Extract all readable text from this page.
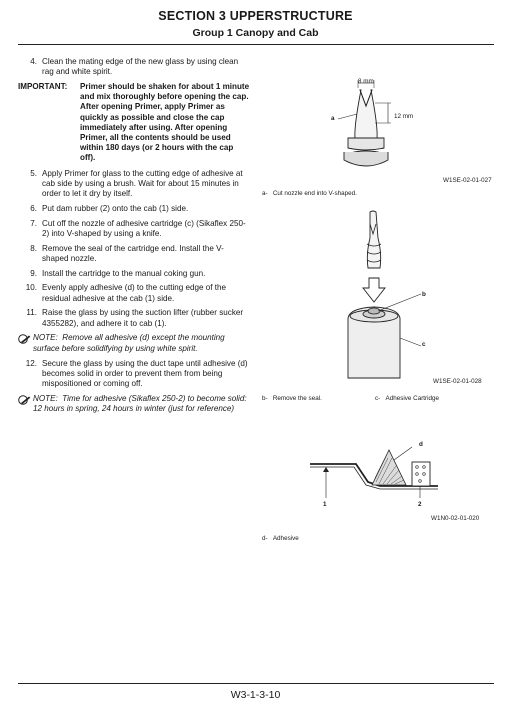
SECTION 3 UPPERSTRUCTURE
Group 1 Canopy and Cab
4. Clean the mating edge of the new glass by using clean rag and white spirit.
IMPORTANT:	Primer should be shaken for about 1 minute and mix thoroughly before opening the cap. After opening Primer, apply Primer as quickly as possible and close the cap immediately after using. After opening Primer, all the contents should be used within 180 days (or 2 hours with the cap off).
5. Apply Primer for glass to the cutting edge of adhesive at cab side by using a brush. Wait for about 15 minutes in order to let it dry by itself.
6. Put dam rubber (2) onto the cab (1) side.
7. Cut off the nozzle of adhesive cartridge (c) (Sikaflex 250-2) into V-shaped by using a knife.
8. Remove the seal of the cartridge end. Install the V-shaped nozzle.
9. Install the cartridge to the manual coking gun.
10. Evenly apply adhesive (d) to the cutting edge of the residual adhesive at the cab (1) side.
11. Raise the glass by using the suction lifter (rubber sucker 4355282), and adhere it to cab (1).
NOTE: Remove all adhesive (d) except the mounting surface before solidifying by using white spirit.
12. Secure the glass by using the duct tape until adhesive (d) becomes solid in order to prevent them from being mispositioned or coming off.
NOTE: Time for adhesive (Sikaflex 250-2) to become solid: 12 hours in spring, 24 hours in winter (just for reference)
8 mm
12 mm
a
W1SE-02-01-027
a- Cut nozzle end into V-shaped.
b
c
W1SE-02-01-028
b- Remove the seal.	c- Adhesive Cartridge
d
1	2
W1N0-02-01-020
d- Adhesive
W3-1-3-10
